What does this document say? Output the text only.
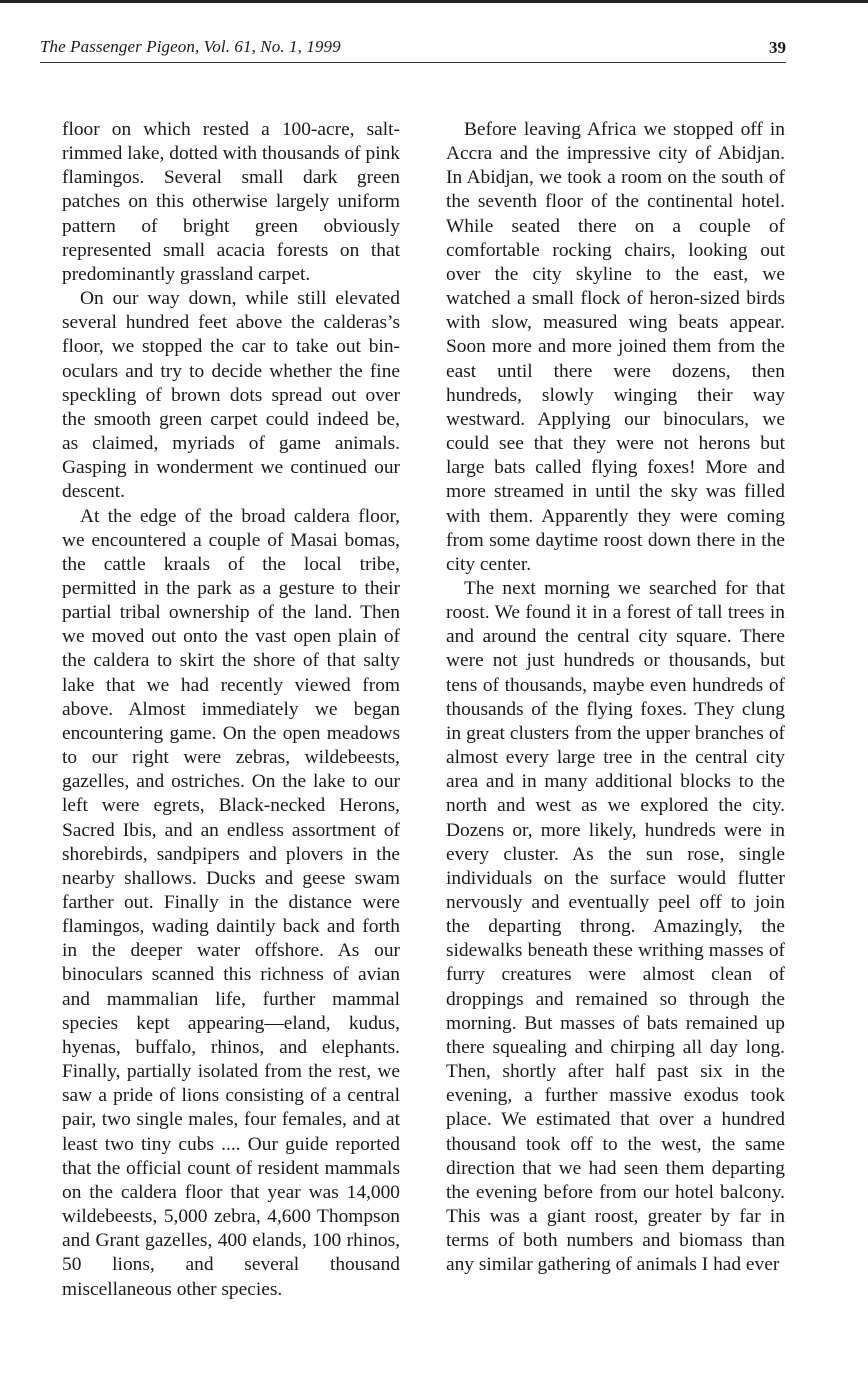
The Passenger Pigeon, Vol. 61, No. 1, 1999	39

floor on which rested a 100-acre, salt-rimmed lake, dotted with thousands of pink flamingos. Several small dark green patches on this otherwise largely uniform pattern of bright green obviously represented small acacia forests on that predominantly grassland carpet.

On our way down, while still elevated several hundred feet above the calderas’s floor, we stopped the car to take out binoculars and try to decide whether the fine speckling of brown dots spread out over the smooth green carpet could indeed be, as claimed, myriads of game animals. Gasping in wonderment we continued our descent.

At the edge of the broad caldera floor, we encountered a couple of Masai bomas, the cattle kraals of the local tribe, permitted in the park as a gesture to their partial tribal ownership of the land. Then we moved out onto the vast open plain of the caldera to skirt the shore of that salty lake that we had recently viewed from above. Almost immediately we began encountering game. On the open meadows to our right were zebras, wildebeests, gazelles, and ostriches. On the lake to our left were egrets, Black-necked Herons, Sacred Ibis, and an endless assortment of shorebirds, sandpipers and plovers in the nearby shallows. Ducks and geese swam farther out. Finally in the distance were flamingos, wading daintily back and forth in the deeper water offshore. As our binoculars scanned this richness of avian and mammalian life, further mammal species kept appearing—eland, kudus, hyenas, buffalo, rhinos, and elephants. Finally, partially isolated from the rest, we saw a pride of lions consisting of a central pair, two single males, four females, and at least two tiny cubs .... Our guide reported that the official count of resident mammals on the caldera floor that year was 14,000 wildebeests, 5,000 zebra, 4,600 Thompson and Grant gazelles, 400 elands, 100 rhinos, 50 lions, and several thousand miscellaneous other species.

Before leaving Africa we stopped off in Accra and the impressive city of Abidjan. In Abidjan, we took a room on the south of the seventh floor of the continental hotel. While seated there on a couple of comfortable rocking chairs, looking out over the city skyline to the east, we watched a small flock of heron-sized birds with slow, measured wing beats appear. Soon more and more joined them from the east until there were dozens, then hundreds, slowly winging their way westward. Applying our binoculars, we could see that they were not herons but large bats called flying foxes! More and more streamed in until the sky was filled with them. Apparently they were coming from some daytime roost down there in the city center.

The next morning we searched for that roost. We found it in a forest of tall trees in and around the central city square. There were not just hundreds or thousands, but tens of thousands, maybe even hundreds of thousands of the flying foxes. They clung in great clusters from the upper branches of almost every large tree in the central city area and in many additional blocks to the north and west as we explored the city. Dozens or, more likely, hundreds were in every cluster. As the sun rose, single individuals on the surface would flutter nervously and eventually peel off to join the departing throng. Amazingly, the sidewalks beneath these writhing masses of furry creatures were almost clean of droppings and remained so through the morning. But masses of bats remained up there squealing and chirping all day long. Then, shortly after half past six in the evening, a further massive exodus took place. We estimated that over a hundred thousand took off to the west, the same direction that we had seen them departing the evening before from our hotel balcony. This was a giant roost, greater by far in terms of both numbers and biomass than any similar gathering of animals I had ever
